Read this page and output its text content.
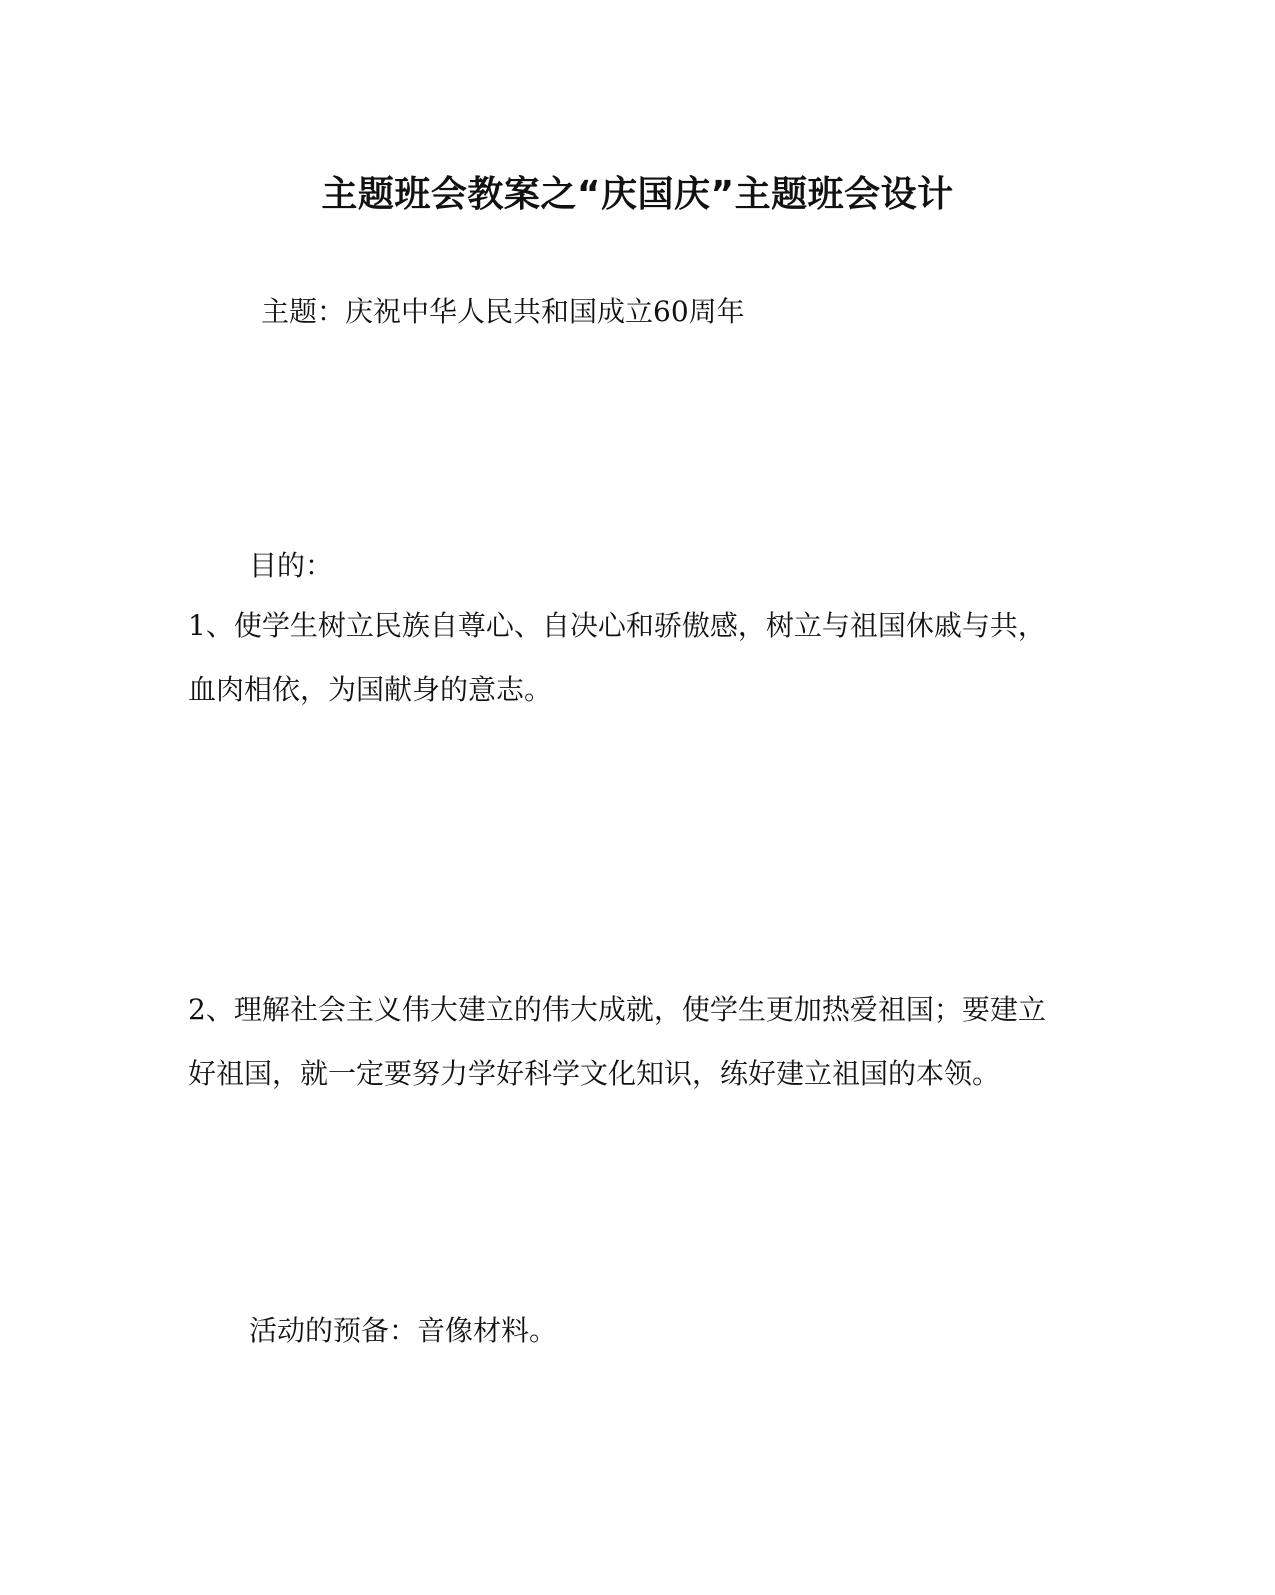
主题班会教案之“庆国庆”主题班会设计
主题：庆祝中华人民共和国成立60周年
目的：
1、使学生树立民族自尊心、自决心和骄傲感，树立与祖国休戚与共，
血肉相依，为国献身的意志。
2、理解社会主义伟大建立的伟大成就，使学生更加热爱祖国；要建立
好祖国，就一定要努力学好科学文化知识，练好建立祖国的本领。
活动的预备：音像材料。
